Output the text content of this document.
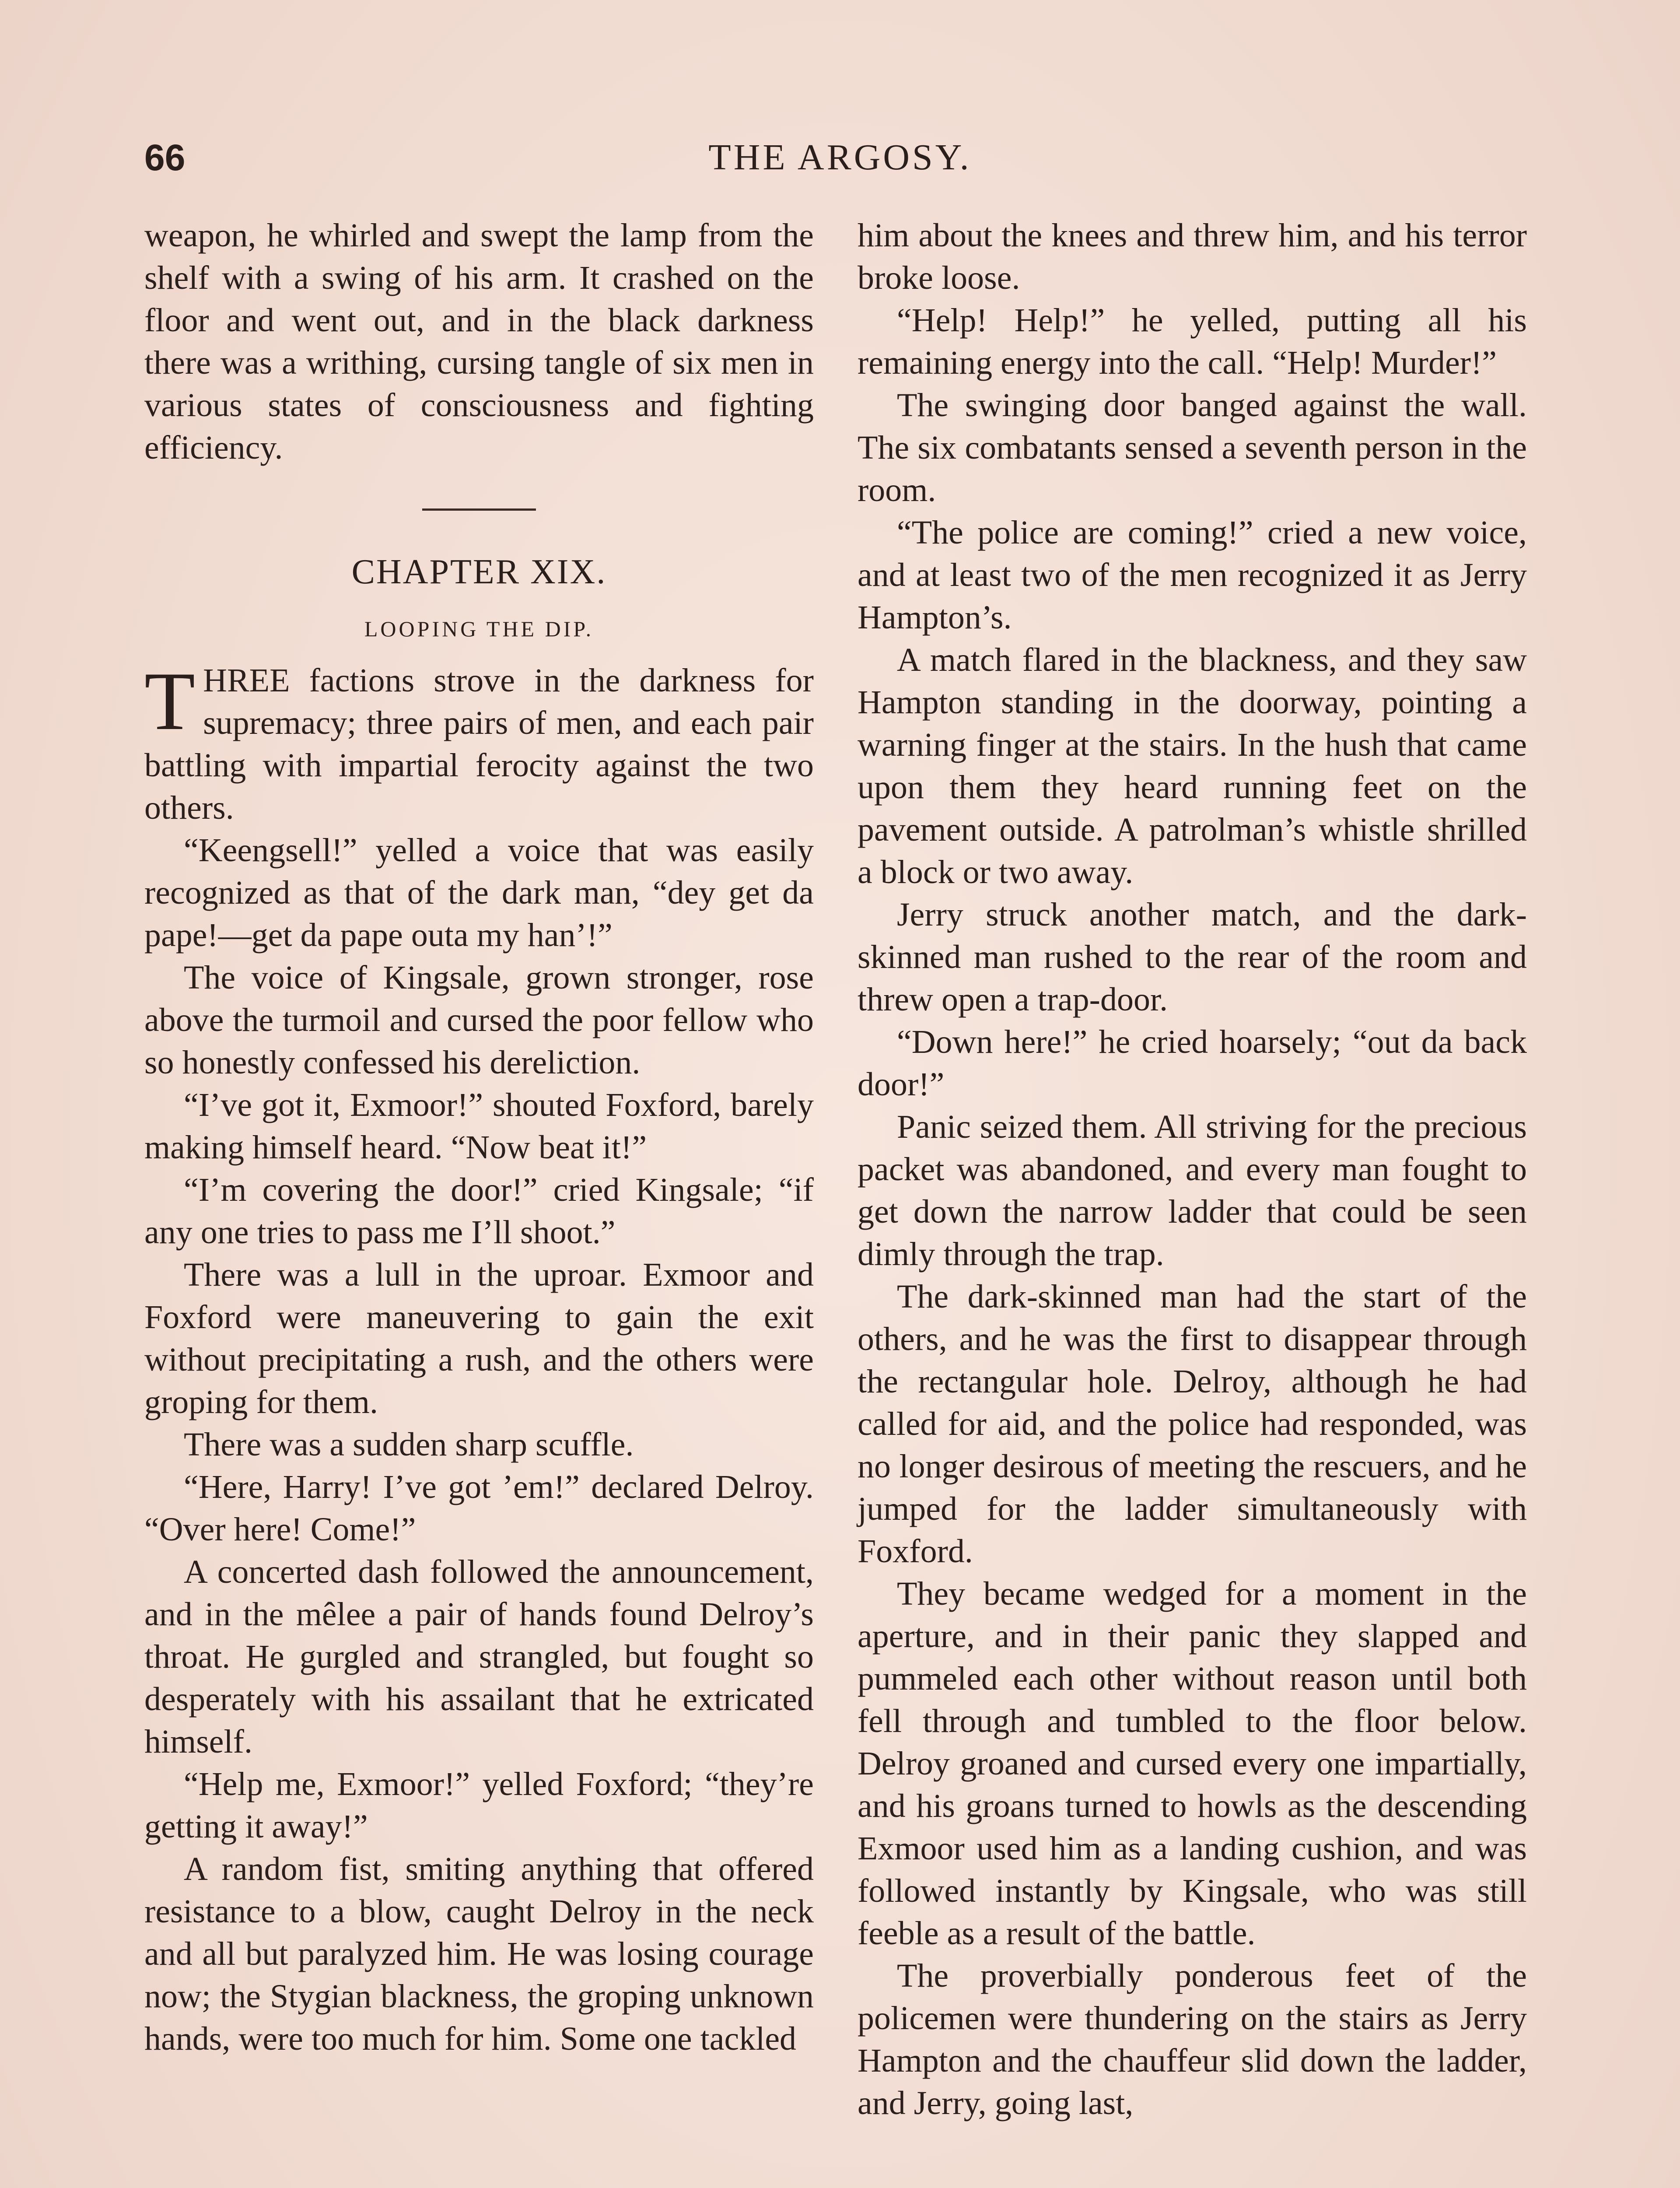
66	THE ARGOSY.

weapon, he whirled and swept the lamp from the shelf with a swing of his arm. It crashed on the floor and went out, and in the black darkness there was a writhing, cursing tangle of six men in various states of consciousness and fighting efficiency.

CHAPTER XIX.
LOOPING THE DIP.

THREE factions strove in the darkness for supremacy; three pairs of men, and each pair battling with impartial ferocity against the two others.

“Keengsell!” yelled a voice that was easily recognized as that of the dark man, “dey get da pape!—get da pape outa my han’!”

The voice of Kingsale, grown stronger, rose above the turmoil and cursed the poor fellow who so honestly confessed his dereliction.

“I’ve got it, Exmoor!” shouted Foxford, barely making himself heard. “Now beat it!”

“I’m covering the door!” cried Kingsale; “if any one tries to pass me I’ll shoot.”

There was a lull in the uproar. Exmoor and Foxford were maneuvering to gain the exit without precipitating a rush, and the others were groping for them.

There was a sudden sharp scuffle.

“Here, Harry! I’ve got ’em!” declared Delroy. “Over here! Come!”

A concerted dash followed the announcement, and in the mêlee a pair of hands found Delroy’s throat. He gurgled and strangled, but fought so desperately with his assailant that he extricated himself.

“Help me, Exmoor!” yelled Foxford; “they’re getting it away!”

A random fist, smiting anything that offered resistance to a blow, caught Delroy in the neck and all but paralyzed him. He was losing courage now; the Stygian blackness, the groping unknown hands, were too much for him. Some one tackled

him about the knees and threw him, and his terror broke loose.

“Help! Help!” he yelled, putting all his remaining energy into the call. “Help! Murder!”

The swinging door banged against the wall. The six combatants sensed a seventh person in the room.

“The police are coming!” cried a new voice, and at least two of the men recognized it as Jerry Hampton’s.

A match flared in the blackness, and they saw Hampton standing in the doorway, pointing a warning finger at the stairs. In the hush that came upon them they heard running feet on the pavement outside. A patrolman’s whistle shrilled a block or two away.

Jerry struck another match, and the dark-skinned man rushed to the rear of the room and threw open a trap-door.

“Down here!” he cried hoarsely; “out da back door!”

Panic seized them. All striving for the precious packet was abandoned, and every man fought to get down the narrow ladder that could be seen dimly through the trap.

The dark-skinned man had the start of the others, and he was the first to disappear through the rectangular hole. Delroy, although he had called for aid, and the police had responded, was no longer desirous of meeting the rescuers, and he jumped for the ladder simultaneously with Foxford.

They became wedged for a moment in the aperture, and in their panic they slapped and pummeled each other without reason until both fell through and tumbled to the floor below. Delroy groaned and cursed every one impartially, and his groans turned to howls as the descending Exmoor used him as a landing cushion, and was followed instantly by Kingsale, who was still feeble as a result of the battle.

The proverbially ponderous feet of the policemen were thundering on the stairs as Jerry Hampton and the chauffeur slid down the ladder, and Jerry, going last,
